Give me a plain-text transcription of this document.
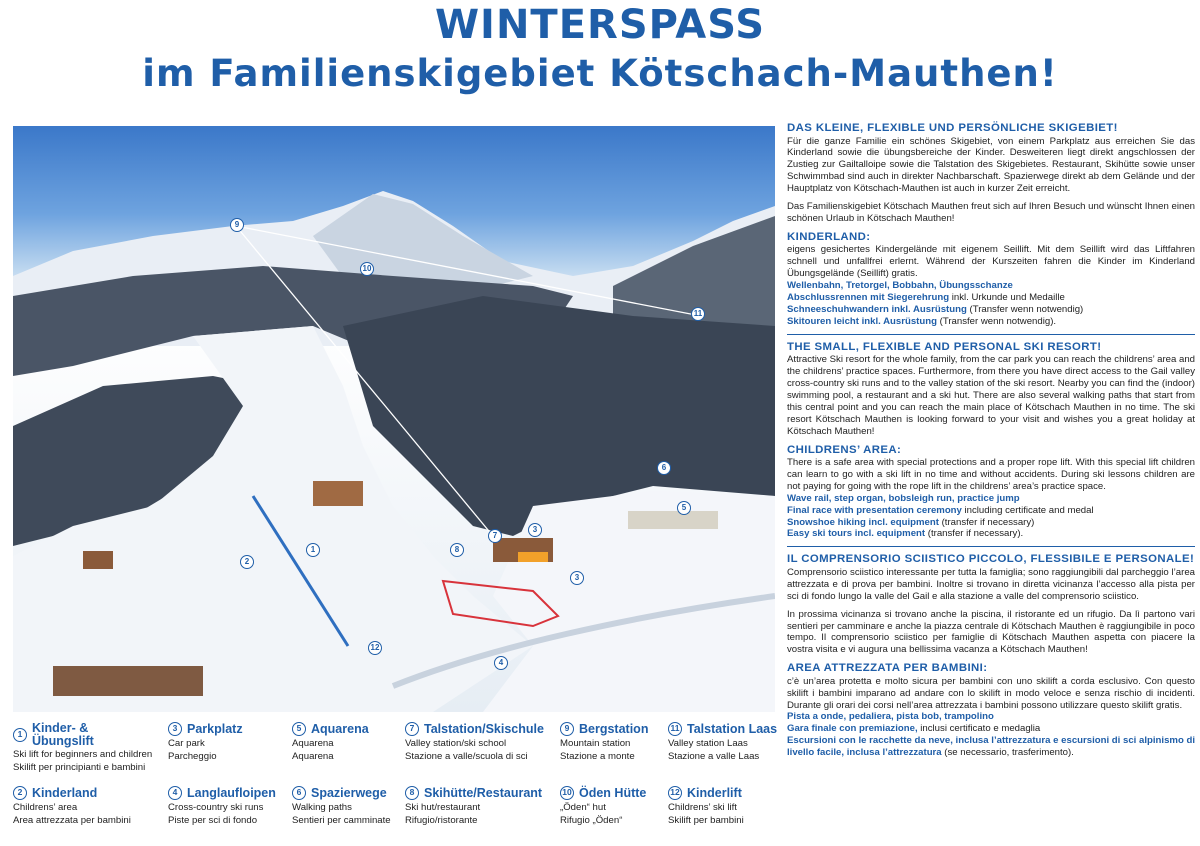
WINTERSPASS
im Familienskigebiet Kötschach-Mauthen!
9
10
11
6
5
3
7
8
3
1
2
12
4
DAS KLEINE, FLEXIBLE UND PERSÖNLICHE SKIGEBIET!

Für die ganze Familie ein schönes Skigebiet, von einem Parkplatz aus erreichen Sie das Kinderland sowie die übungsbereiche der Kinder. Desweiteren liegt direkt angschlossen der Zustieg zur Gailtalloipe sowie die Talstation des Skigebietes. Restaurant, Skihütte sowie unser Schwimmbad sind auch in direkter Nachbarschaft. Spazierwege direkt ab dem Gelände und der Hauptplatz von Kötschach-Mauthen ist auch in kurzer Zeit erreicht.

Das Familienskigebiet Kötschach Mauthen freut sich auf Ihren Besuch und wünscht Ihnen einen schönen Urlaub in Kötschach Mauthen!

KINDERLAND:

eigens gesichertes Kindergelände mit eigenem Seillift. Mit dem Seillift wird das Liftfahren schnell und unfallfrei erlernt. Während der Kurszeiten fahren die Kinder im Kinderland Übungsgelände (Seillift) gratis.

Wellenbahn, Tretorgel, Bobbahn, Übungsschanze
Abschlussrennen mit Siegerehrung inkl. Urkunde und Medaille
Schneeschuhwandern inkl. Ausrüstung (Transfer wenn notwendig)
Skitouren leicht inkl. Ausrüstung (Transfer wenn notwendig).
THE SMALL, FLEXIBLE AND PERSONAL SKI RESORT!

Attractive Ski resort for the whole family, from the car park you can reach the childrens’ area and the childrens’ practice spaces. Furthermore, from there you have direct access to the Gail valley cross-country ski runs and to the valley station of the ski resort. Nearby you can find the (indoor) swimming pool, a restaurant and a ski hut. There are also several walking paths that start from this central point and you can reach the main place of Kötschach Mauthen in no time. The ski resort Kötschach Mauthen is looking forward to your visit and wishes you a great holiday at Kötschach Mauthen!

CHILDRENS’ AREA:

There is a safe area with special protections and a proper rope lift. With this special lift children can learn to go with a ski lift in no time and without accidents. During ski lessons children are not paying for going with the rope lift in the childrens’ area’s practice space.

Wave rail, step organ, bobsleigh run, practice jump
Final race with presentation ceremony including certificate and medal
Snowshoe hiking incl. equipment (transfer if necessary)
Easy ski tours incl. equipment (transfer if necessary).
IL COMPRENSORIO SCIISTICO PICCOLO, FLESSIBILE E PERSONALE!

Comprensorio sciistico interessante per tutta la famiglia; sono raggiungibili dal parcheggio l’area attrezzata e di prova per bambini. Inoltre si trovano in diretta vicinanza l’accesso alla pista per sci di fondo lungo la valle del Gail e alla stazione a valle del comprensorio sciistico.

In prossima vicinanza si trovano anche la piscina, il ristorante ed un rifugio. Da lì partono vari sentieri per camminare e anche la piazza centrale di Kötschach Mauthen è raggiungibile in poco tempo. Il comprensorio sciistico per famiglie di Kötschach Mauthen aspetta con piacere la vostra visita e vi augura una bellissima vacanza a Kötschach Mauthen!

AREA ATTREZZATA PER BAMBINI:

c’è un’area protetta e molto sicura per bambini con uno skilift a corda esclusivo. Con questo skilift i bambini imparano ad andare con lo skilift in modo veloce e senza rischio di incidenti. Durante gli orari dei corsi nell’area attrezzata i bambini possono utilizzare questo skilift gratis.

Pista a onde, pedaliera, pista bob, trampolino
Gara finale con premiazione, inclusi certificato e medaglia
Escursioni con le racchette da neve, inclusa l’attrezzatura e escursioni di sci alpinismo di livello facile, inclusa l’attrezzatura (se necessario, trasferimento).
1 Kinder- & Übungslift
Ski lift for beginners and children
Skilift per principianti e bambini
2 Kinderland
Childrens’ area
Area attrezzata per bambini
3 Parkplatz
Car park
Parcheggio
4 Langlaufloipen
Cross-country ski runs
Piste per sci di fondo
5 Aquarena
Aquarena
Aquarena
6 Spazierwege
Walking paths
Sentieri per camminate
7 Talstation/Skischule
Valley station/ski school
Stazione a valle/scuola di sci
8 Skihütte/Restaurant
Ski hut/restaurant
Rifugio/ristorante
9 Bergstation
Mountain station
Stazione a monte
10 Öden Hütte
„Öden“ hut
Rifugio „Öden“
11 Talstation Laas
Valley station Laas
Stazione a valle Laas
12 Kinderlift
Childrens’ ski lift
Skilift per bambini
